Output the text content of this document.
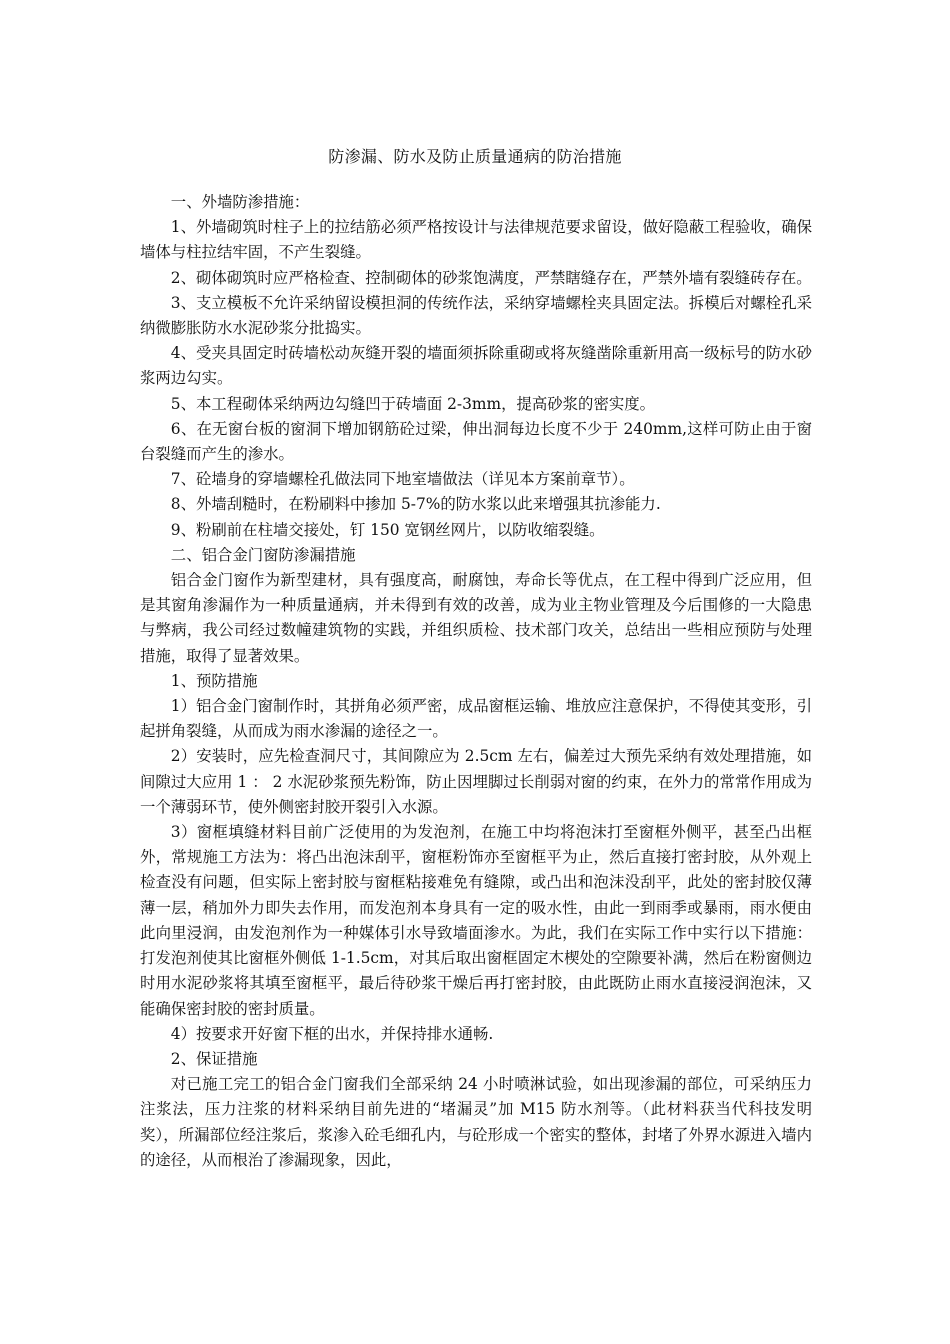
防渗漏、防水及防止质量通病的防治措施

一、外墙防渗措施：

1、外墙砌筑时柱子上的拉结筋必须严格按设计与法律规范要求留设，做好隐蔽工程验收，确保墙体与柱拉结牢固，不产生裂缝。

2、砌体砌筑时应严格检查、控制砌体的砂浆饱满度，严禁瞎缝存在，严禁外墙有裂缝砖存在。

3、支立模板不允许采纳留设模担洞的传统作法，采纳穿墙螺栓夹具固定法。拆模后对螺栓孔采纳微膨胀防水水泥砂浆分批捣实。

4、受夹具固定时砖墙松动灰缝开裂的墙面须拆除重砌或将灰缝凿除重新用高一级标号的防水砂浆两边勾实。

5、本工程砌体采纳两边勾缝凹于砖墙面 2-3mm，提高砂浆的密实度。

6、在无窗台板的窗洞下增加钢筋砼过梁，伸出洞每边长度不少于 240mm,这样可防止由于窗台裂缝而产生的渗水。

7、砼墙身的穿墙螺栓孔做法同下地室墙做法（详见本方案前章节）。

8、外墙刮糙时，在粉刷料中掺加 5-7%的防水浆以此来增强其抗渗能力.

9、粉刷前在柱墙交接处，钉 150 宽钢丝网片，以防收缩裂缝。

二、铝合金门窗防渗漏措施

铝合金门窗作为新型建材，具有强度高，耐腐蚀，寿命长等优点，在工程中得到广泛应用，但是其窗角渗漏作为一种质量通病，并未得到有效的改善，成为业主物业管理及今后围修的一大隐患与弊病，我公司经过数幢建筑物的实践，并组织质检、技术部门攻关，总结出一些相应预防与处理措施，取得了显著效果。

1、预防措施

1）铝合金门窗制作时，其拼角必须严密，成品窗框运输、堆放应注意保护，不得使其变形，引起拼角裂缝，从而成为雨水渗漏的途径之一。

2）安装时，应先检查洞尺寸，其间隙应为 2.5cm 左右，偏差过大预先采纳有效处理措施，如间隙过大应用 1 ： 2 水泥砂浆预先粉饰，防止因埋脚过长削弱对窗的约束，在外力的常常作用成为一个薄弱环节，使外侧密封胶开裂引入水源。

3）窗框填缝材料目前广泛使用的为发泡剂，在施工中均将泡沫打至窗框外侧平，甚至凸出框外，常规施工方法为：将凸出泡沫刮平，窗框粉饰亦至窗框平为止，然后直接打密封胶，从外观上检查没有问题，但实际上密封胶与窗框粘接难免有缝隙，或凸出和泡沫没刮平，此处的密封胶仅薄薄一层，稍加外力即失去作用，而发泡剂本身具有一定的吸水性，由此一到雨季或暴雨，雨水便由此向里浸润，由发泡剂作为一种媒体引水导致墙面渗水。为此，我们在实际工作中实行以下措施：打发泡剂使其比窗框外侧低 1-1.5cm，对其后取出窗框固定木楔处的空隙要补满，然后在粉窗侧边时用水泥砂浆将其填至窗框平，最后待砂浆干燥后再打密封胶，由此既防止雨水直接浸润泡沫，又能确保密封胶的密封质量。

4）按要求开好窗下框的出水，并保持排水通畅.

2、保证措施

对已施工完工的铝合金门窗我们全部采纳 24 小时喷淋试验，如出现渗漏的部位，可采纳压力注浆法，压力注浆的材料采纳目前先进的“堵漏灵”加 M15 防水剂等。（此材料获当代科技发明奖），所漏部位经注浆后，浆渗入砼毛细孔内，与砼形成一个密实的整体，封堵了外界水源进入墙内的途径，从而根治了渗漏现象，因此，
